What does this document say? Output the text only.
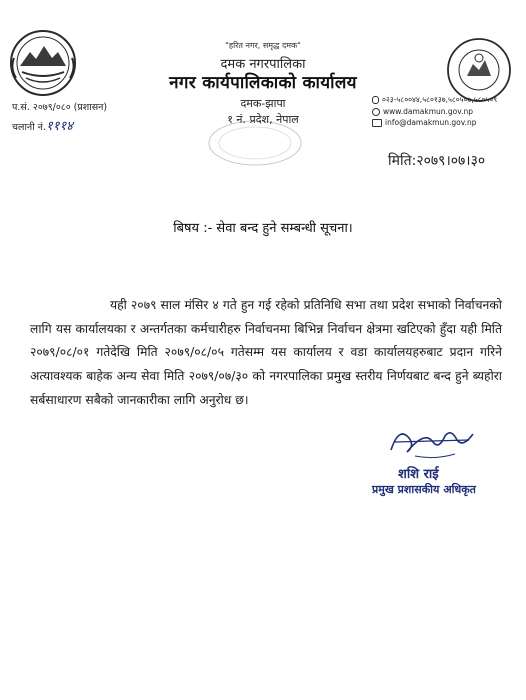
"हरित नगर, समृद्ध दमक"
दमक नगरपालिका
नगर कार्यपालिकाको कार्यालय
दमक-झापा
१ नं. प्रदेश, नेपाल
प.सं. २०७९/०८० (प्रशासन)
चलानी नं.१११४
०२३-५८००४४,५८०१३७,५८०५०७,५८०५०९
www.damakmun.gov.np
info@damakmun.gov.np
मिति:२०७९।०७।३०
बिषय :- सेवा बन्द हुने सम्बन्धी सूचना।

यही २०७९ साल मंसिर ४ गते हुन गई रहेको प्रतिनिधि सभा तथा प्रदेश सभाको निर्वाचनको लागि यस कार्यालयका र अन्तर्गतका कर्मचारीहरु निर्वाचनमा बिभिन्न निर्वाचन क्षेत्रमा खटिएको हुँदा यही मिति २०७९/०८/०१ गतेदेखि मिति २०७९/०८/०५ गतेसम्म यस कार्यालय र वडा कार्यालयहरुबाट प्रदान गरिने अत्यावश्यक बाहेक अन्य सेवा मिति २०७९/०७/३० को नगरपालिका प्रमुख स्तरीय निर्णयबाट बन्द हुने ब्यहोरा सर्बसाधारण सबैको जानकारीका लागि अनुरोध छ।

शशि राई
प्रमुख प्रशासकीय अधिकृत
